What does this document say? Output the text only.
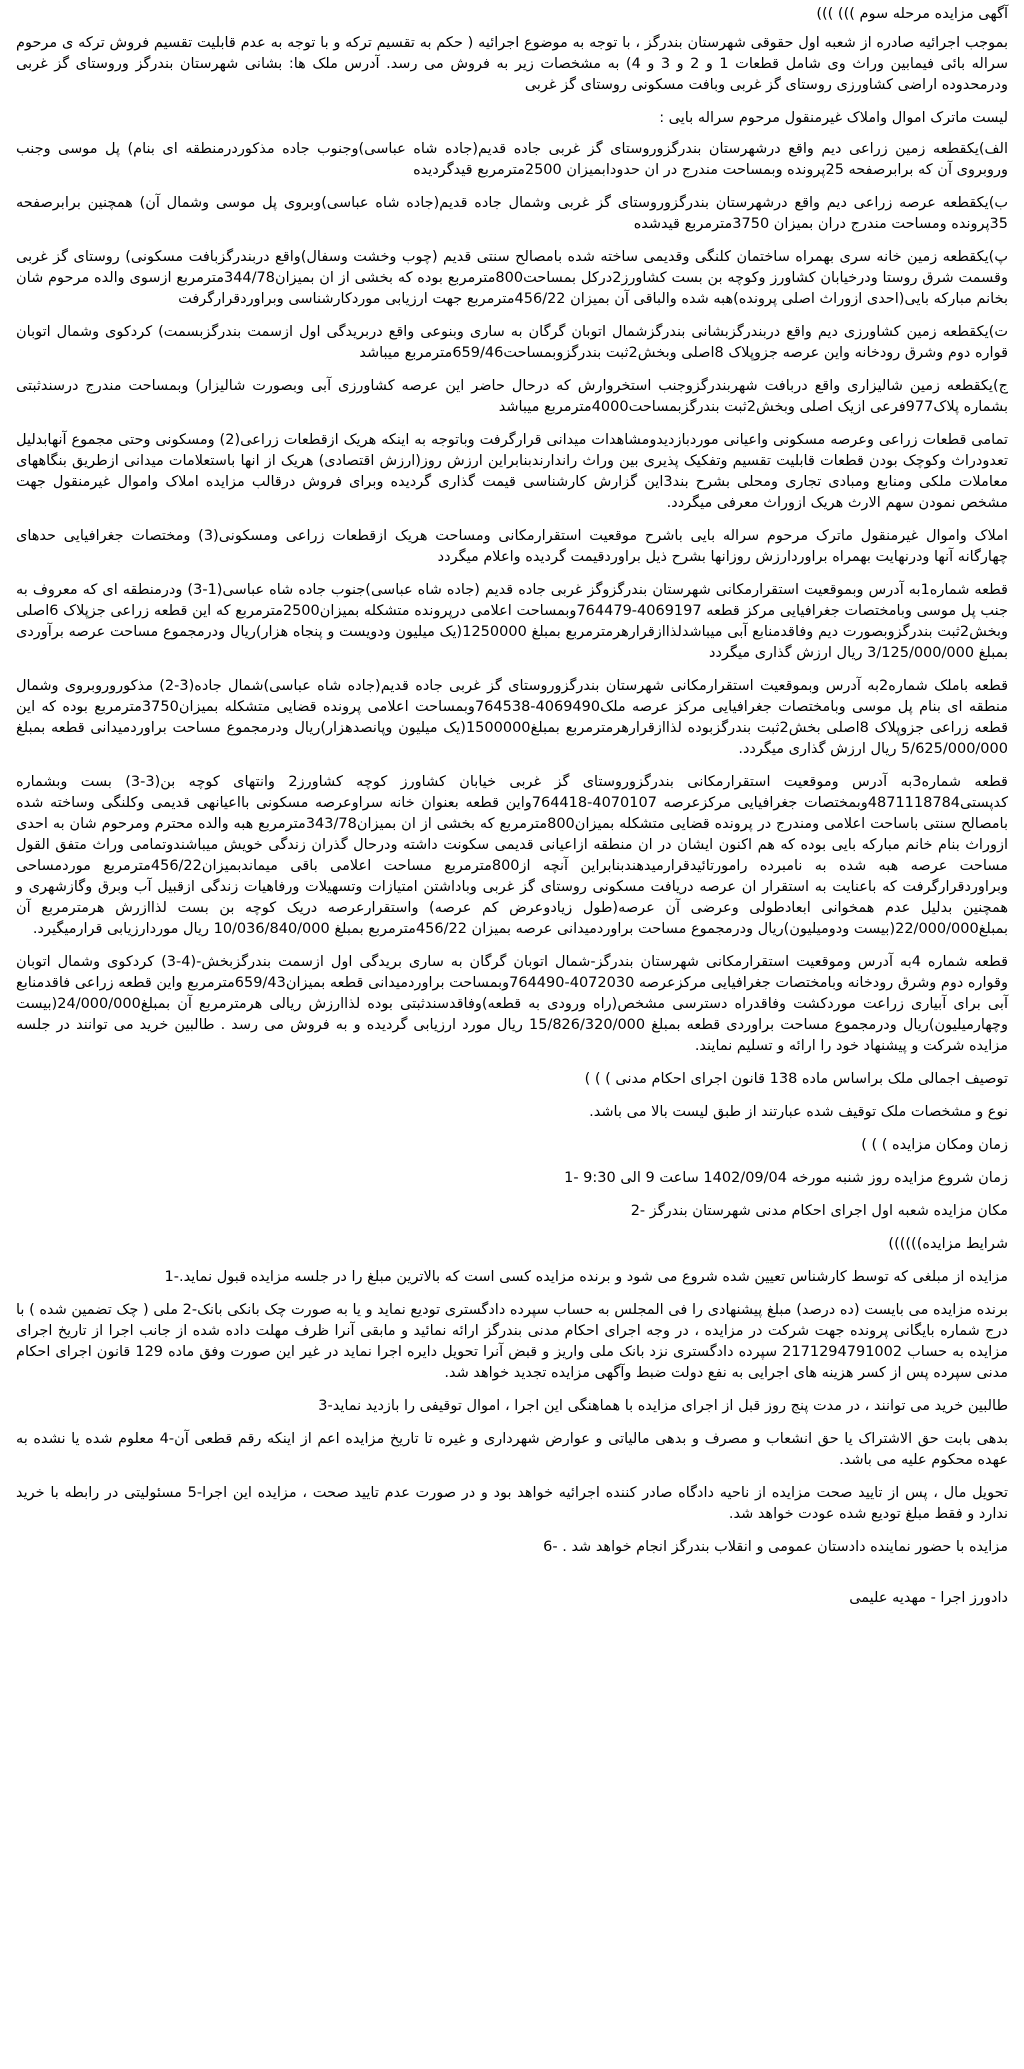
آگهی مزایده مرحله سوم ))) )))

بموجب اجرائیه صادره از شعبه اول حقوقی شهرستان بندرگز ، با توجه به موضوع اجرائیه ( حکم به تقسیم ترکه و با توجه به عدم قابلیت تقسیم فروش ترکه ی مرحوم سراله بائی فیمابین وراث وی شامل قطعات 1 و 2 و 3 و 4) به مشخصات زیر به فروش می رسد. آدرس ملک ها: بشانی شهرستان بندرگز وروستای گز غربی ودرمحدوده اراضی کشاورزی روستای گز غربی وبافت مسکونی روستای گز غربی

لیست ماترک اموال واملاک غیرمنقول مرحوم سراله بایی :

الف)یکقطعه زمین زراعی دیم واقع درشهرستان بندرگزوروستای گز غربی جاده قدیم(جاده شاه عباسی)وجنوب جاده مذکوردرمنطقه ای بنام) پل موسی وجنب وروبروی آن که برابرصفحه 25پرونده وبمساحت مندرج در ان حدودابمیزان 2500مترمربع قیدگردیده

ب)یکقطعه عرصه زراعی دیم واقع درشهرستان بندرگزوروستای گز غربی وشمال جاده قدیم(جاده شاه عباسی)وبروی پل موسی وشمال آن) همچنین برابرصفحه 35پرونده ومساحت مندرج دران بمیزان 3750مترمربع قیدشده

پ)یکقطعه زمین خانه سری بهمراه ساختمان کلنگی وقدیمی ساخته شده بامصالح سنتی قدیم (چوب وخشت وسفال)واقع دربندرگزبافت مسکونی) روستای گز غربی وقسمت شرق روستا ودرخیابان کشاورز وکوچه بن بست کشاورز2درکل بمساحت800مترمربع بوده که بخشی از ان بمیزان344/78مترمربع ازسوی والده مرحوم شان بخانم مبارکه بایی(احدی ازوراث اصلی پرونده)هبه شده والباقی آن بمیزان 456/22مترمربع جهت ارزیابی موردکارشناسی وبراوردقرارگرفت

ت)یکقطعه زمین کشاورزی دیم واقع دربندرگزبشانی بندرگزشمال اتوبان گرگان به ساری وبنوعی واقع دربریدگی اول ازسمت بندرگزبسمت) کردکوی وشمال اتوبان قواره دوم وشرق رودخانه واین عرصه جزوپلاک 8اصلی وبخش2ثبت بندرگزوبمساحت659/46مترمربع میباشد

ج)یکقطعه زمین شالیزاری واقع دربافت شهربندرگزوجنب استخروارش که درحال حاضر این عرصه کشاورزی آبی وبصورت شالیزار) وبمساحت مندرج درسندثبتی بشماره پلاک977فرعی ازیک اصلی وبخش2ثبت بندرگزبمساحت4000مترمربع میباشد

تمامی قطعات زراعی وعرصه مسکونی واعیانی موردبازدیدومشاهدات میدانی قرارگرفت وباتوجه به اینکه هریک ازقطعات زراعی(2) ومسکونی وحتی مجموع آنهابدلیل تعدودراث وکوچک بودن قطعات قابلیت تقسیم وتفکیک پذیری بین وراث راندارندبنابراین ارزش روز(ارزش اقتصادی) هریک از انها باستعلامات میدانی ازطریق بنگاههای معاملات ملکی ومنابع ومبادی تجاری ومحلی بشرح بند3این گزارش کارشناسی قیمت گذاری گردیده وبرای فروش درقالب مزایده املاک واموال غیرمنقول جهت مشخص نمودن سهم الارث هریک ازوراث معرفی میگردد.

املاک واموال غیرمنقول ماترک مرحوم سراله بایی باشرح موقعیت استقرارمکانی ومساحت هریک ازقطعات زراعی ومسکونی(3) ومختصات جغرافیایی حدهای چهارگانه آنها ودرنهایت بهمراه براوردارزش روزانها بشرح ذیل براوردقیمت گردیده واعلام میگردد

قطعه شماره1به آدرس وبموقعیت استقرارمکانی شهرستان بندرگزوگز غربی جاده قدیم (جاده شاه عباسی)جنوب جاده شاه عباسی(1-3) ودرمنطقه ای که معروف به جنب پل موسی وبامختصات جغرافیایی مرکز قطعه 4069197-764479وبمساحت اعلامی درپرونده متشکله بمیزان2500مترمربع که این قطعه زراعی جزپلاک 6اصلی وبخش2ثبت بندرگزوبصورت دیم وفاقدمنابع آبی میباشدلذاازقرارهرمترمربع بمبلغ 1250000(یک میلیون ودویست و پنجاه هزار)ریال ودرمجموع مساحت عرصه برآوردی بمبلغ 3/125/000/000 ریال ارزش گذاری میگردد

قطعه باملک شماره2به آدرس وبموقعیت استقرارمکانی شهرستان بندرگزوروستای گز غربی جاده قدیم(جاده شاه عباسی)شمال جاده(3-2) مذکوروروبروی وشمال منطقه ای بنام پل موسی وبامختصات جغرافیایی مرکز عرصه ملک4069490-764538وبمساحت اعلامی پرونده قضایی متشکله بمیزان3750مترمربع بوده که این قطعه زراعی جزوپلاک 8اصلی بخش2ثبت بندرگزبوده لذاازقرارهرمترمربع بمبلغ1500000(یک میلیون وپانصدهزار)ریال ودرمجموع مساحت براوردمیدانی قطعه بمبلغ 5/625/000/000 ریال ارزش گذاری میگردد.

قطعه شماره3به آدرس وموقعیت استقرارمکانی بندرگزوروستای گز غربی خیابان کشاورز کوچه کشاورز2 وانتهای کوچه بن(3-3) بست وبشماره کدپستی4871118784وبمختصات جغرافیایی مرکزعرصه 4070107-764418واین قطعه بعنوان خانه سراوعرصه مسکونی بااعیانهی قدیمی وکلنگی وساخته شده بامصالح سنتی باساحت اعلامی ومندرج در پرونده قضایی متشکله بمیزان800مترمربع که بخشی از ان بمیزان343/78مترمربع هبه والده محترم ومرحوم شان به احدی ازوراث بنام خانم مبارکه بایی بوده که هم اکنون ایشان در ان منطقه ازاعیانی قدیمی سکونت داشته ودرحال گذران زندگی خویش میباشندوتمامی وراث متفق القول مساحت عرصه هبه شده به نامبرده رامورتائیدقرارمیدهندبنابراین آنچه از800مترمربع مساحت اعلامی باقی میماندبمیزان456/22مترمربع موردمساحی وبراوردقرارگرفت که باعنایت به استقرار ان عرصه دریافت مسکونی روستای گز غربی وباداشتن امتیازات وتسهیلات ورفاهیات زندگی ازقبیل آب وبرق وگازشهری و همچنین بدلیل عدم همخوانی ابعادطولی وعرضی آن عرصه(طول زیادوعرض کم عرصه) واستقرارعرصه دریک کوچه بن بست لذاازرش هرمترمربع آن بمبلغ22/000/000(بیست ودومیلیون)ریال ودرمجموع مساحت براوردمیدانی عرصه بمیزان 456/22مترمربع بمبلغ 10/036/840/000 ریال موردارزیابی قرارمیگیرد.

قطعه شماره 4به آدرس وموقعیت استقرارمکانی شهرستان بندرگز-شمال اتوبان گرگان به ساری بریدگی اول ازسمت بندرگزبخش-(4-3) کردکوی وشمال اتوبان وقواره دوم وشرق رودخانه وبامختصات جغرافیایی مرکزعرصه 4072030-764490وبمساحت براوردمیدانی قطعه بمیزان659/43مترمربع واین قطعه زراعی فاقدمنابع آبی برای آبیاری زراعت موردکشت وفاقدراه دسترسی مشخص(راه ورودی به قطعه)وفاقدسندثبتی بوده لذاارزش ریالی هرمترمربع آن بمبلغ24/000/000(بیست وچهارمیلیون)ریال ودرمجموع مساحت براوردی قطعه بمبلغ 15/826/320/000 ریال مورد ارزیابی گردیده و به فروش می رسد . طالبین خرید می توانند در جلسه مزایده شرکت و پیشنهاد خود را ارائه و تسلیم نمایند.

توصیف اجمالی ملک براساس ماده 138 قانون اجرای احکام مدنی ) ) )

نوع و مشخصات ملک توقیف شده عبارتند از طبق لیست بالا می باشد.

زمان ومکان مزایده ) ) )

زمان شروع مزایده روز شنبه مورخه 1402/09/04 ساعت 9 الی 9:30 -1

مکان مزایده شعبه اول اجرای احکام مدنی شهرستان بندرگز -2

شرایط مزایده))))))

مزایده از مبلغی که توسط کارشناس تعیین شده شروع می شود و برنده مزایده کسی است که بالاترین مبلغ را در جلسه مزایده قبول نماید.-1

برنده مزایده می بایست (ده درصد) مبلغ پیشنهادی را فی المجلس به حساب سپرده دادگستری تودیع نماید و یا به صورت چک بانکی بانک-2 ملی ( چک تضمین شده ) با درج شماره بایگانی پرونده جهت شرکت در مزایده ، در وجه اجرای احکام مدنی بندرگز ارائه نمائید و مابقی آنرا ظرف مهلت داده شده از جانب اجرا از تاریخ اجرای مزایده به حساب 2171294791002 سپرده دادگستری نزد بانک ملی واریز و قبض آنرا تحویل دایره اجرا نماید در غیر این صورت وفق ماده 129 قانون اجرای احکام مدنی سپرده پس از کسر هزینه های اجرایی به نفع دولت ضبط وآگهی مزایده تجدید خواهد شد.

طالبین خرید می توانند ، در مدت پنج روز قبل از اجرای مزایده با هماهنگی این اجرا ، اموال توقیفی را بازدید نماید-3

بدهی بابت حق الاشتراک یا حق انشعاب و مصرف و بدهی مالیاتی و عوارض شهرداری و غیره تا تاریخ مزایده اعم از اینکه رقم قطعی آن-4 معلوم شده یا نشده به عهده محکوم علیه می باشد.

تحویل مال ، پس از تایید صحت مزایده از ناحیه دادگاه صادر کننده اجرائیه خواهد بود و در صورت عدم تایید صحت ، مزایده این اجرا-5 مسئولیتی در رابطه با خرید ندارد و فقط مبلغ تودیع شده عودت خواهد شد.

مزایده با حضور نماینده دادستان عمومی و انقلاب بندرگز انجام خواهد شد . -6

دادورز اجرا - مهدیه علیمی
